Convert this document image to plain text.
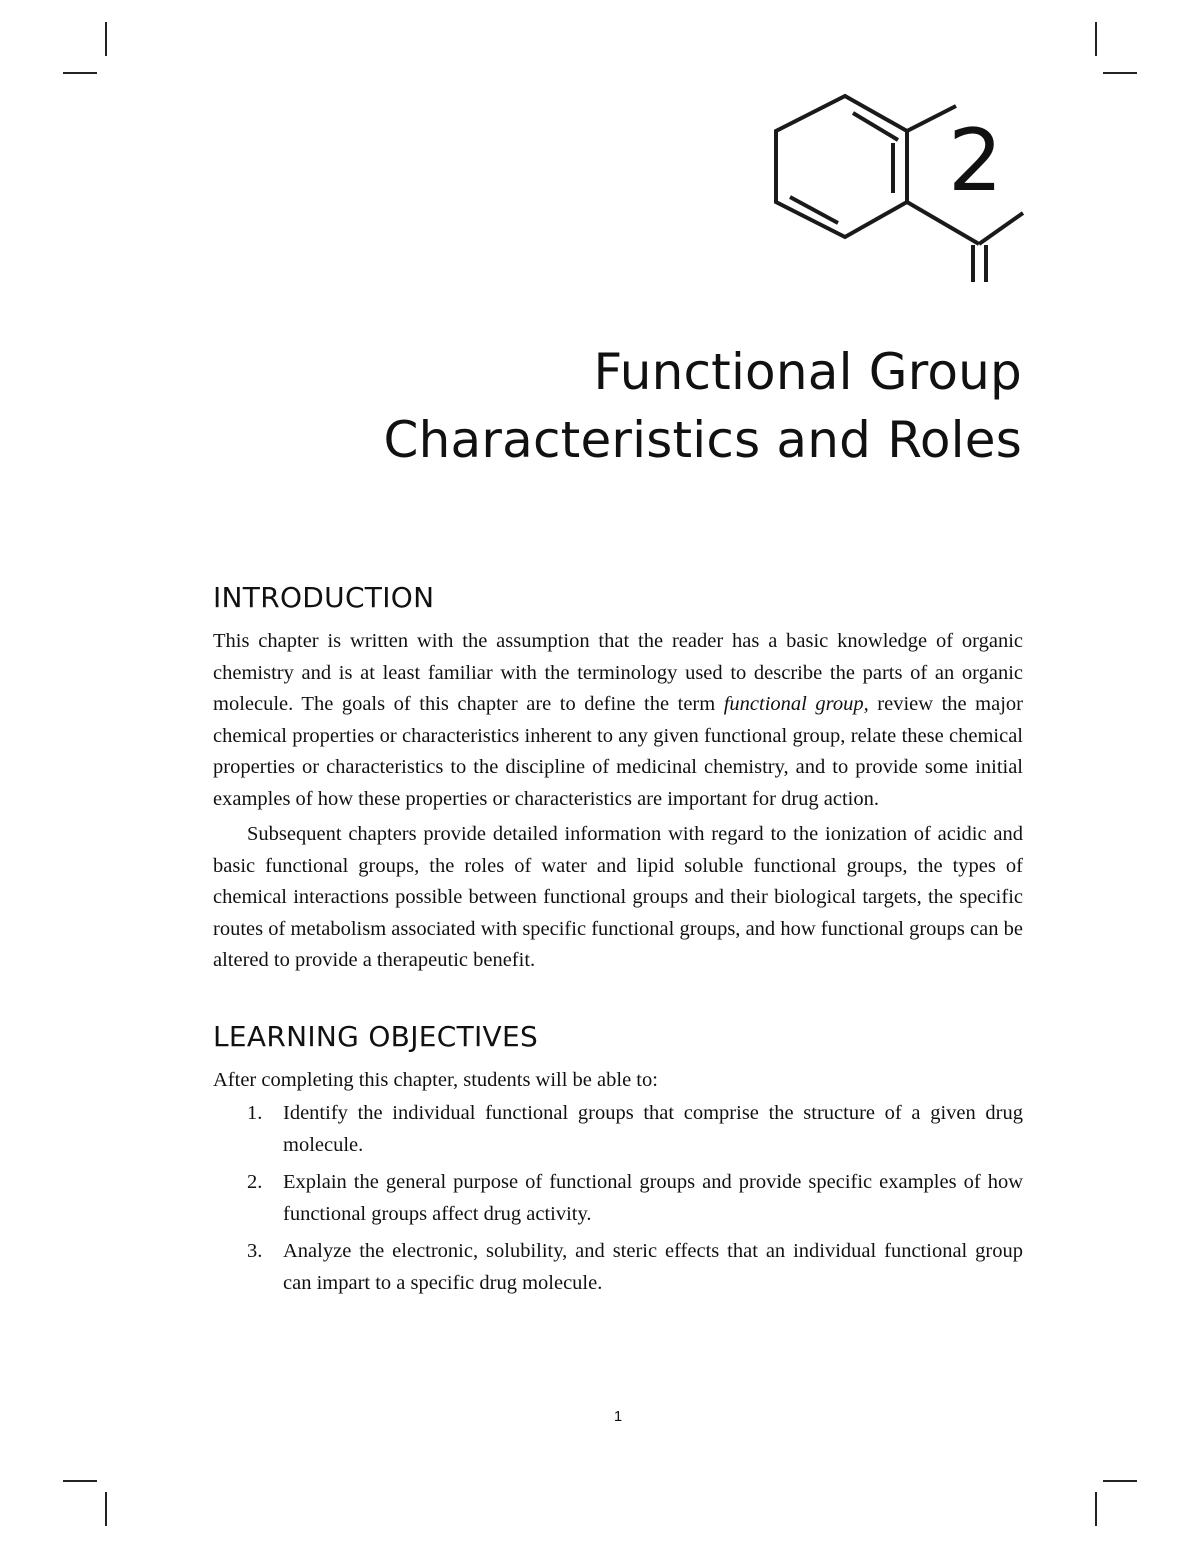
2
Functional Group
Characteristics and Roles
INTRODUCTION

This chapter is written with the assumption that the reader has a basic knowledge of organic chemistry and is at least familiar with the terminology used to describe the parts of an organic molecule. The goals of this chapter are to define the term functional group, review the major chemical properties or characteristics inherent to any given functional group, relate these chemical properties or characteristics to the discipline of medicinal chemistry, and to provide some initial examples of how these properties or characteristics are important for drug action.

Subsequent chapters provide detailed information with regard to the ionization of acidic and basic functional groups, the roles of water and lipid soluble functional groups, the types of chemical interactions possible between functional groups and their biological targets, the specific routes of metabolism associated with specific functional groups, and how functional groups can be altered to provide a therapeutic benefit.

LEARNING OBJECTIVES

After completing this chapter, students will be able to:

1. Identify the individual functional groups that comprise the structure of a given drug molecule.
2. Explain the general purpose of functional groups and provide specific examples of how functional groups affect drug activity.
3. Analyze the electronic, solubility, and steric effects that an individual functional group can impart to a specific drug molecule.
1
